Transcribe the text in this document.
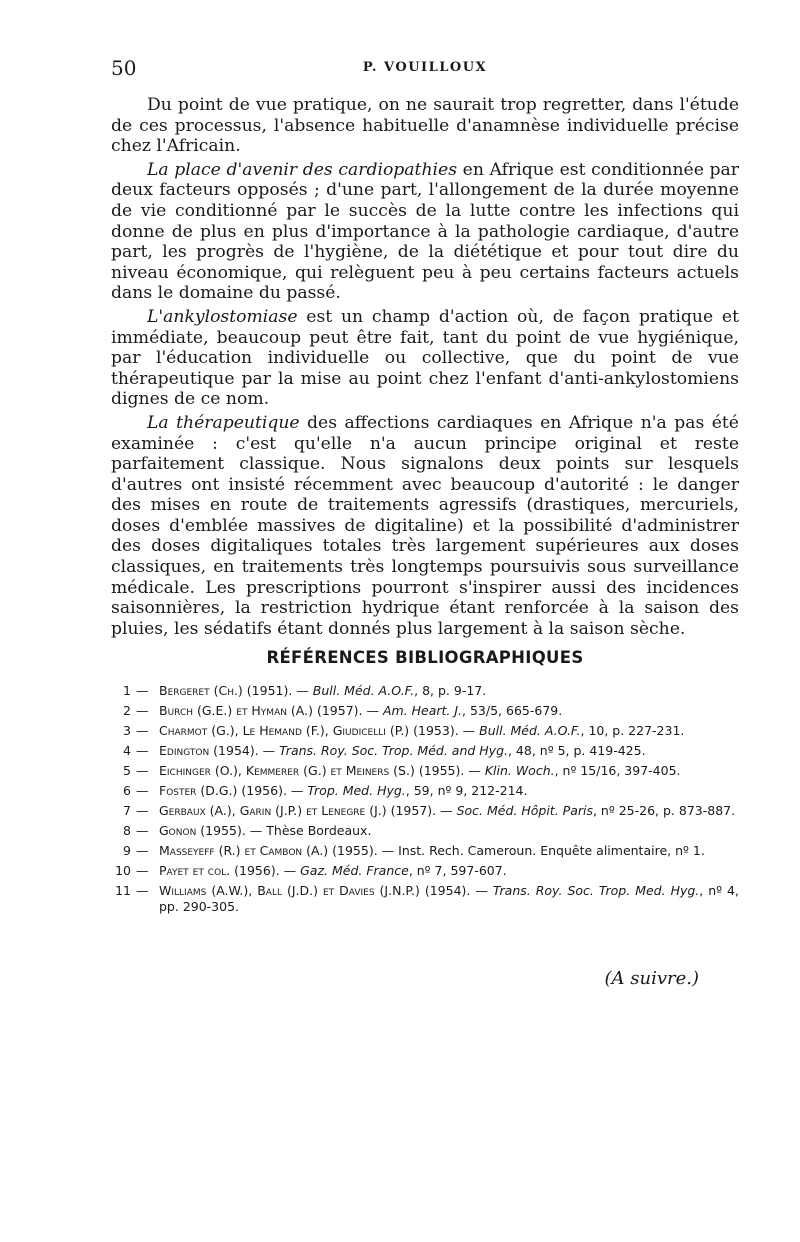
50	P. VOUILLOUX

Du point de vue pratique, on ne saurait trop regretter, dans l'étude de ces processus, l'absence habituelle d'anamnèse individuelle précise chez l'Africain.

La place d'avenir des cardiopathies en Afrique est conditionnée par deux facteurs opposés ; d'une part, l'allongement de la durée moyenne de vie conditionné par le succès de la lutte contre les infections qui donne de plus en plus d'importance à la pathologie cardiaque, d'autre part, les progrès de l'hygiène, de la diététique et pour tout dire du niveau économique, qui relèguent peu à peu certains facteurs actuels dans le domaine du passé.

L'ankylostomiase est un champ d'action où, de façon pratique et immédiate, beaucoup peut être fait, tant du point de vue hygiénique, par l'éducation individuelle ou collective, que du point de vue thérapeutique par la mise au point chez l'enfant d'anti-ankylostomiens dignes de ce nom.

La thérapeutique des affections cardiaques en Afrique n'a pas été examinée : c'est qu'elle n'a aucun principe original et reste parfaitement classique. Nous signalons deux points sur lesquels d'autres ont insisté récemment avec beaucoup d'autorité : le danger des mises en route de traitements agressifs (drastiques, mercuriels, doses d'emblée massives de digitaline) et la possibilité d'administrer des doses digitaliques totales très largement supérieures aux doses classiques, en traitements très longtemps poursuivis sous surveillance médicale. Les prescriptions pourront s'inspirer aussi des incidences saisonnières, la restriction hydrique étant renforcée à la saison des pluies, les sédatifs étant donnés plus largement à la saison sèche.

RÉFÉRENCES BIBLIOGRAPHIQUES
1 — Bergeret (Ch.) (1951). — Bull. Méd. A.O.F., 8, p. 9-17.
2 — Burch (G.E.) et Hyman (A.) (1957). — Am. Heart. J., 53/5, 665-679.
3 — Charmot (G.), Le Hemand (F.), Giudicelli (P.) (1953). — Bull. Méd. A.O.F., 10, p. 227-231.
4 — Edington (1954). — Trans. Roy. Soc. Trop. Méd. and Hyg., 48, nº 5, p. 419-425.
5 — Eichinger (O.), Kemmerer (G.) et Meiners (S.) (1955). — Klin. Woch., nº 15/16, 397-405.
6 — Foster (D.G.) (1956). — Trop. Med. Hyg., 59, nº 9, 212-214.
7 — Gerbaux (A.), Garin (J.P.) et Lenegre (J.) (1957). — Soc. Méd. Hôpit. Paris, nº 25-26, p. 873-887.
8 — Gonon (1955). — Thèse Bordeaux.
9 — Masseyeff (R.) et Cambon (A.) (1955). — Inst. Rech. Cameroun. Enquête alimentaire, nº 1.
10 — Payet et col. (1956). — Gaz. Méd. France, nº 7, 597-607.
11 — Williams (A.W.), Ball (J.D.) et Davies (J.N.P.) (1954). — Trans. Roy. Soc. Trop. Med. Hyg., nº 4, pp. 290-305.

(A suivre.)
